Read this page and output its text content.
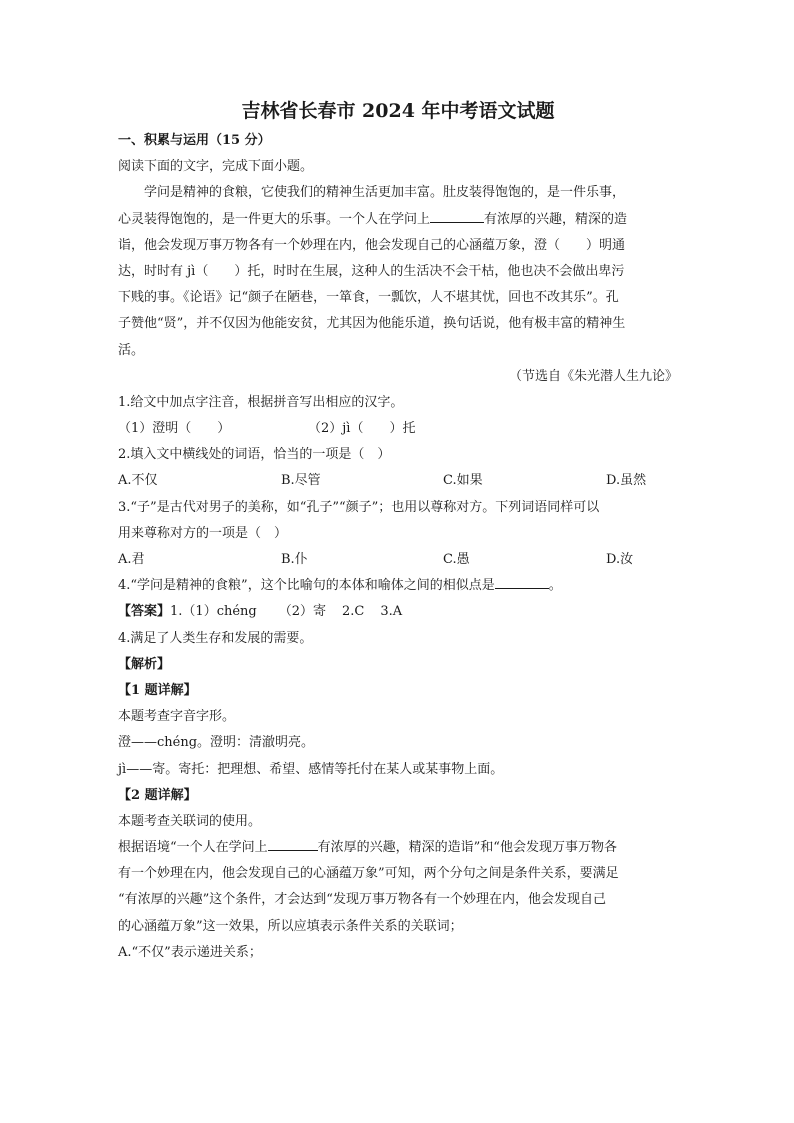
吉林省长春市 2024 年中考语文试题
一、积累与运用（15 分）
阅读下面的文字，完成下面小题。
学问是精神的食粮，它使我们的精神生活更加丰富。肚皮装得饱饱的，是一件乐事，
心灵装得饱饱的，是一件更大的乐事。一个人在学问上	有浓厚的兴趣，精深的造
诣，他会发现万事万物各有一个妙理在内，他会发现自己的心涵蕴万象，澄（　　）明通
达，时时有 jì（　　）托，时时在生展，这种人的生活决不会干枯，他也决不会做出卑污
下贱的事。《论语》记“颜子在陋巷，一箪食，一瓢饮，人不堪其忧，回也不改其乐”。孔
子赞他“贤”，并不仅因为他能安贫，尤其因为他能乐道，换句话说，他有极丰富的精神生
活。
（节选自《朱光潜人生九论》
1.给文中加点字注音，根据拼音写出相应的汉字。
（1）澄明（　　）	（2）jì（　　）托
2.填入文中横线处的词语，恰当的一项是（　）
A.不仅	B.尽管	C.如果	D.虽然
3.“子”是古代对男子的美称，如“孔子”“颜子”；也用以尊称对方。下列词语同样可以
用来尊称对方的一项是（　）
A.君	B.仆	C.愚	D.汝
4.“学问是精神的食粮”，这个比喻句的本体和喻体之间的相似点是	。
【答案】1.（1）chéng （2）寄 2.C 3.A
4.满足了人类生存和发展的需要。
【解析】
【1 题详解】
本题考查字音字形。
澄——chéng。澄明：清澈明亮。
jì——寄。寄托：把理想、希望、感情等托付在某人或某事物上面。
【2 题详解】
本题考查关联词的使用。
根据语境“一个人在学问上	有浓厚的兴趣，精深的造诣”和“他会发现万事万物各
有一个妙理在内，他会发现自己的心涵蕴万象”可知，两个分句之间是条件关系，要满足
“有浓厚的兴趣”这个条件，才会达到“发现万事万物各有一个妙理在内，他会发现自己
的心涵蕴万象”这一效果，所以应填表示条件关系的关联词；
A.“不仅”表示递进关系；
